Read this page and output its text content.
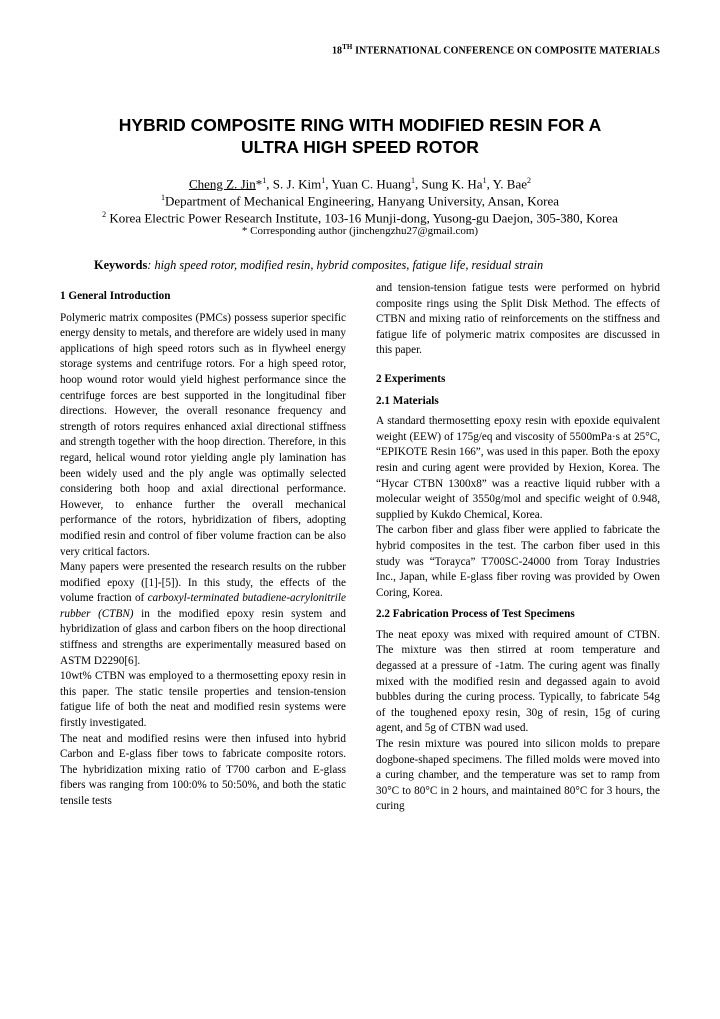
18TH INTERNATIONAL CONFERENCE ON COMPOSITE MATERIALS
HYBRID COMPOSITE RING WITH MODIFIED RESIN FOR A
ULTRA HIGH SPEED ROTOR
Cheng Z. Jin*$^1$, S. J. Kim$^1$, Yuan C. Huang$^1$, Sung K. Ha$^1$, Y. Bae$^2$
$^1$Department of Mechanical Engineering, Hanyang University, Ansan, Korea
$^2$ Korea Electric Power Research Institute, 103-16 Munji-dong, Yusong-gu Daejon, 305-380, Korea
* Corresponding author (jinchengzhu27@gmail.com)
Keywords: high speed rotor, modified resin, hybrid composites, fatigue life, residual strain

1 General Introduction

Polymeric matrix composites (PMCs) possess superior specific energy density to metals, and therefore are widely used in many applications of high speed rotors such as in flywheel energy storage systems and centrifuge rotors. For a high speed rotor, hoop wound rotor would yield highest performance since the centrifuge forces are best supported in the longitudinal fiber directions. However, the overall resonance frequency and strength of rotors requires enhanced axial directional stiffness and strength together with the hoop direction. Therefore, in this regard, helical wound rotor yielding angle ply lamination has been widely used and the ply angle was optimally selected considering both hoop and axial directional performance. However, to enhance further the overall mechanical performance of the rotors, hybridization of fibers, adopting modified resin and control of fiber volume fraction can be also very critical factors.

Many papers were presented the research results on the rubber modified epoxy ([1]-[5]). In this study, the effects of the volume fraction of carboxyl-terminated butadiene-acrylonitrile rubber (CTBN) in the modified epoxy resin system and hybridization of glass and carbon fibers on the hoop directional stiffness and strengths are experimentally measured based on ASTM D2290[6].

10wt% CTBN was employed to a thermosetting epoxy resin in this paper. The static tensile properties and tension-tension fatigue life of both the neat and modified resin systems were firstly investigated.

The neat and modified resins were then infused into hybrid Carbon and E-glass fiber tows to fabricate composite rotors. The hybridization mixing ratio of T700 carbon and E-glass fibers was ranging from 100:0% to 50:50%, and both the static tensile tests

and tension-tension fatigue tests were performed on hybrid composite rings using the Split Disk Method. The effects of CTBN and mixing ratio of reinforcements on the stiffness and fatigue life of polymeric matrix composites are discussed in this paper.

2 Experiments

2.1 Materials

A standard thermosetting epoxy resin with epoxide equivalent weight (EEW) of 175g/eq and viscosity of 5500mPa·s at 25°C, “EPIKOTE Resin 166”, was used in this paper. Both the epoxy resin and curing agent were provided by Hexion, Korea. The “Hycar CTBN 1300x8” was a reactive liquid rubber with a molecular weight of 3550g/mol and specific weight of 0.948, supplied by Kukdo Chemical, Korea.

The carbon fiber and glass fiber were applied to fabricate the hybrid composites in the test. The carbon fiber used in this study was “Torayca” T700SC-24000 from Toray Industries Inc., Japan, while E-glass fiber roving was provided by Owen Coring, Korea.

2.2 Fabrication Process of Test Specimens

The neat epoxy was mixed with required amount of CTBN. The mixture was then stirred at room temperature and degassed at a pressure of -1atm. The curing agent was finally mixed with the modified resin and degassed again to avoid bubbles during the curing process. Typically, to fabricate 54g of the toughened epoxy resin, 30g of resin, 15g of curing agent, and 5g of CTBN wad used.

The resin mixture was poured into silicon molds to prepare dogbone-shaped specimens. The filled molds were moved into a curing chamber, and the temperature was set to ramp from 30°C to 80°C in 2 hours, and maintained 80°C for 3 hours, the curing
